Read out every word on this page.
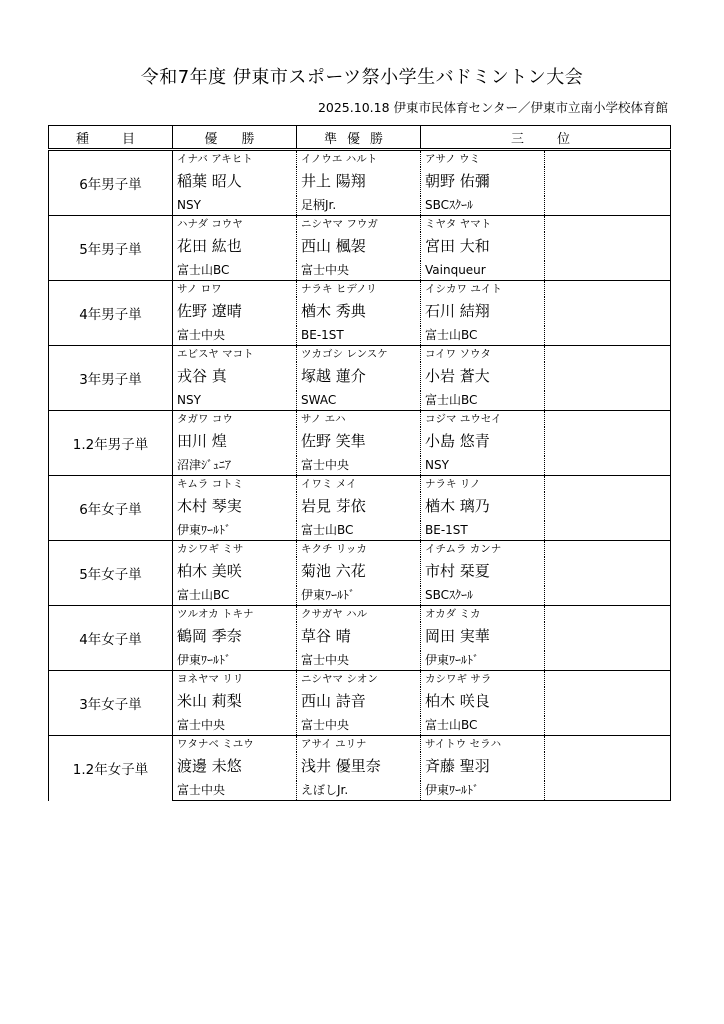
令和7年度 伊東市スポーツ祭小学生バドミントン大会
2025.10.18 伊東市民体育センター／伊東市立南小学校体育館
種　目	優 勝	準優勝	三　位	
6年男子単	イナバ アキヒト	イノウエ ハルト	アサノ ウミ	
	稲葉 昭人	井上 陽翔	朝野 佑彌	
	NSY	足柄Jr.	SBCｽｸｰﾙ	
5年男子単	ハナダ コウヤ	ニシヤマ フウガ	ミヤタ ヤマト	
	花田 紘也	西山 楓袈	宮田 大和	
	富士山BC	富士中央	Vainqueur	
4年男子単	サノ ロワ	ナラキ ヒデノリ	イシカワ ユイト	
	佐野 遼晴	楢木 秀典	石川 結翔	
	富士中央	BE-1ST	富士山BC	
3年男子単	エビスヤ マコト	ツカゴシ レンスケ	コイワ ソウタ	
	戎谷 真	塚越 蓮介	小岩 蒼大	
	NSY	SWAC	富士山BC	
1.2年男子単	タガワ コウ	サノ エハ	コジマ ユウセイ	
	田川 煌	佐野 笑隼	小島 悠青	
	沼津ｼﾞｭﾆｱ	富士中央	NSY	
6年女子単	キムラ コトミ	イワミ メイ	ナラキ リノ	
	木村 琴実	岩見 芽依	楢木 璃乃	
	伊東ﾜｰﾙﾄﾞ	富士山BC	BE-1ST	
5年女子単	カシワギ ミサ	キクチ リッカ	イチムラ カンナ	
	柏木 美咲	菊池 六花	市村 栞夏	
	富士山BC	伊東ﾜｰﾙﾄﾞ	SBCｽｸｰﾙ	
4年女子単	ツルオカ トキナ	クサガヤ ハル	オカダ ミカ	
	鶴岡 季奈	草谷 晴	岡田 実華	
	伊東ﾜｰﾙﾄﾞ	富士中央	伊東ﾜｰﾙﾄﾞ	
3年女子単	ヨネヤマ リリ	ニシヤマ シオン	カシワギ サラ	
	米山 莉梨	西山 詩音	柏木 咲良	
	富士中央	富士中央	富士山BC	
1.2年女子単	ワタナベ ミユウ	アサイ ユリナ	サイトウ セラハ	
	渡邊 未悠	浅井 優里奈	斉藤 聖羽	
	富士中央	えぼしJr.	伊東ﾜｰﾙﾄﾞ	
